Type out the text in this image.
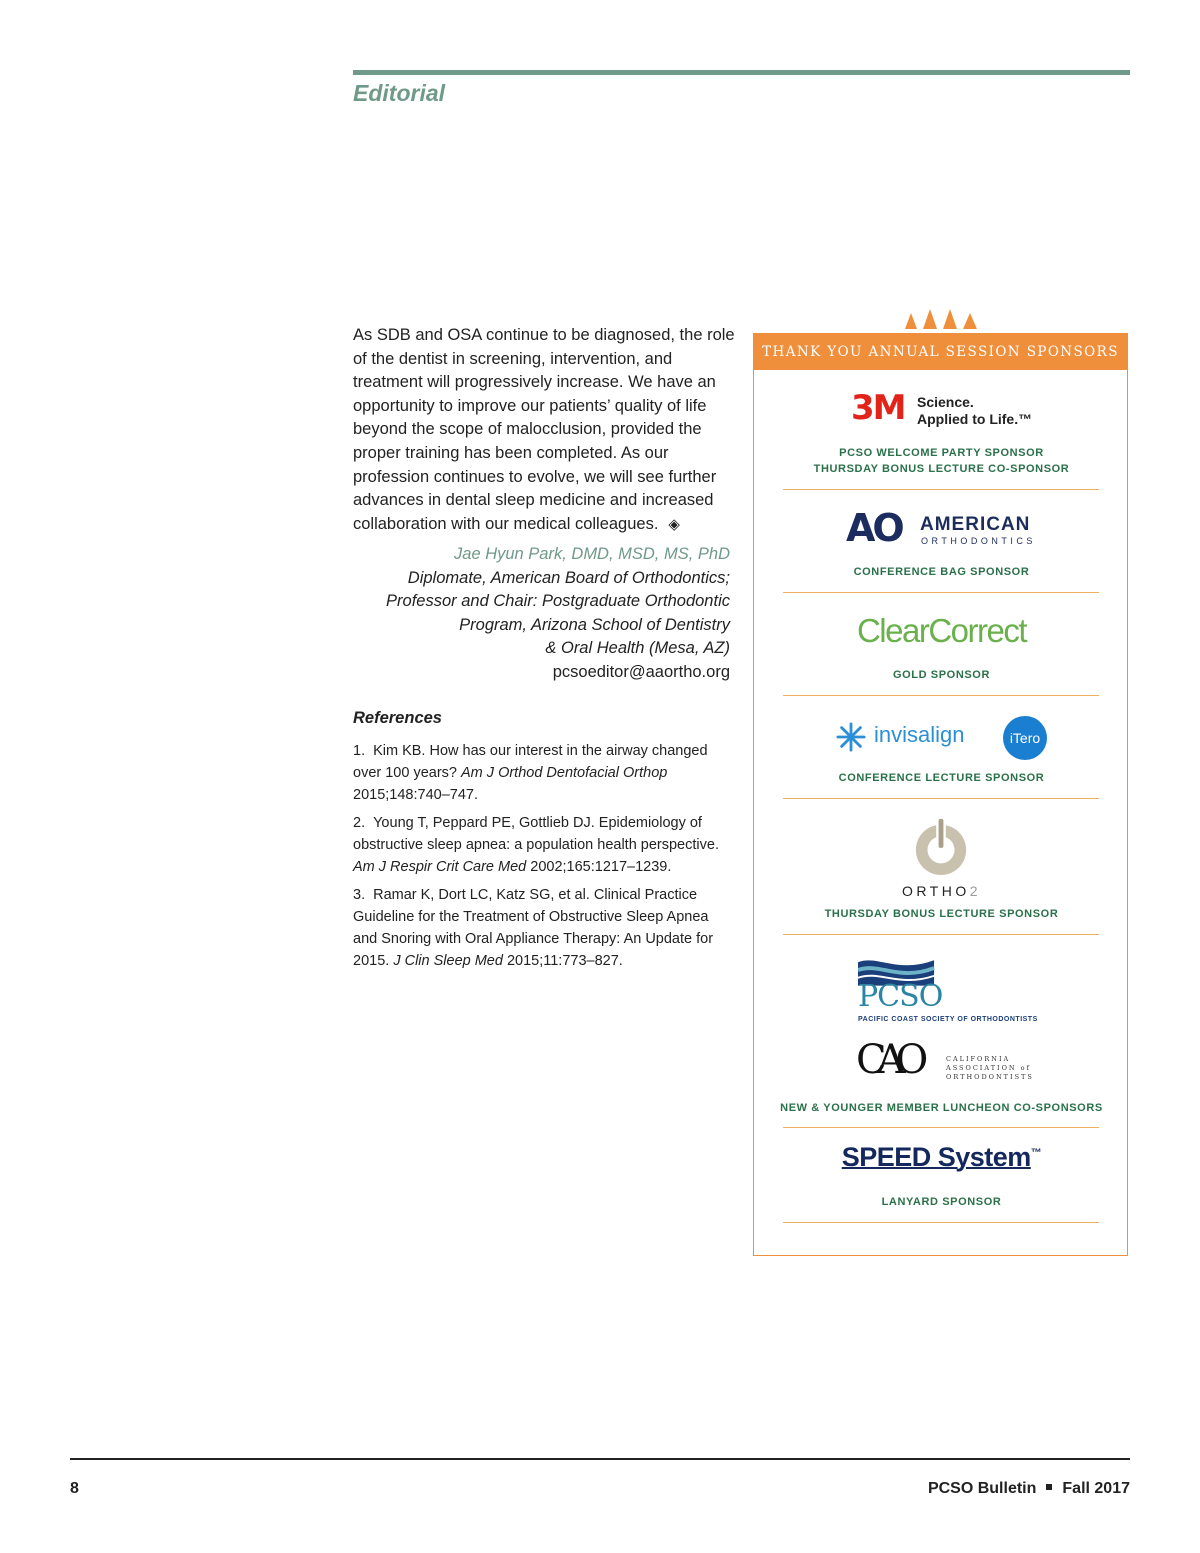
Editorial

As SDB and OSA continue to be diagnosed, the role of the dentist in screening, intervention, and treatment will progressively increase. We have an opportunity to improve our patients’ quality of life beyond the scope of malocclusion, provided the proper training has been completed. As our profession continues to evolve, we will see further advances in dental sleep medicine and increased collaboration with our medical colleagues. ◈

Jae Hyun Park, DMD, MSD, MS, PhD
Diplomate, American Board of Orthodontics;
Professor and Chair: Postgraduate Orthodontic
Program, Arizona School of Dentistry
& Oral Health (Mesa, AZ)
pcsoeditor@aaortho.org
References

1. Kim KB. How has our interest in the airway changed over 100 years? Am J Orthod Dentofacial Orthop 2015;148:740–747.

2. Young T, Peppard PE, Gottlieb DJ. Epidemiology of obstructive sleep apnea: a population health perspective. Am J Respir Crit Care Med 2002;165:1217–1239.

3. Ramar K, Dort LC, Katz SG, et al. Clinical Practice Guideline for the Treatment of Obstructive Sleep Apnea and Snoring with Oral Appliance Therapy: An Update for 2015. J Clin Sleep Med 2015;11:773–827.

THANK YOU ANNUAL SESSION SPONSORS
3M Science.
Applied to Life.™
PCSO WELCOME PARTY SPONSOR
THURSDAY BONUS LECTURE CO-SPONSOR
AO AMERICAN
ORTHODONTICS
CONFERENCE BAG SPONSOR
ClearCorrect
GOLD SPONSOR
invisalign	iTero
CONFERENCE LECTURE SPONSOR
ORTHO2
THURSDAY BONUS LECTURE SPONSOR
PCSO
PACIFIC COAST SOCIETY OF ORTHODONTISTS
CAO	CALIFORNIA
ASSOCIATION of
ORTHODONTISTS
NEW & YOUNGER MEMBER LUNCHEON CO-SPONSORS
SPEED System™
LANYARD SPONSOR
8	PCSO Bulletin Fall 2017
